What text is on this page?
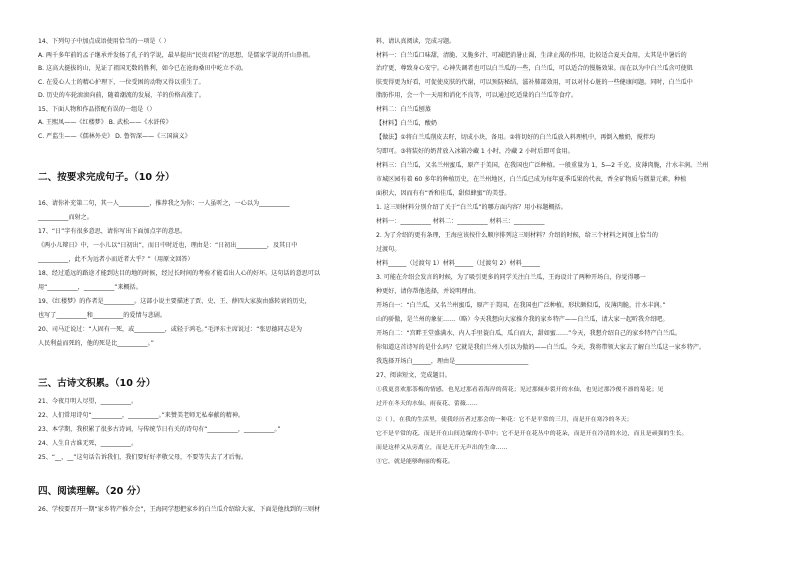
14、下列句子中加点成语使用恰当的一项是（ ）
A. 两千多年前的孟子继承并发扬了孔子的学说，最早提出“民贵君轻”的思想，是儒家学说的开山鼻祖。
B. 这高大挺拔的山，见证了祖国无数的胜利，如今已在沧海桑田中屹立不动。
C. 在爱心人士的精心护理下，一位受困的动物又得以重生了。
D. 历史的车轮滚滚向前，随着潮流的发展，羊的价格高涨了。
15、下面人物和作品搭配有误的一组是（）
A. 王熙凤——《红楼梦》 B. 武松——《水浒传》
C. 严监生——《儒林外史》 D. 鲁智深——《三国演义》
二、按要求完成句子。（10 分）
16、请你补充第二句，其一人__________，推荐我之为你；一人虽听之，一心以为__________
__________而射之。
17、“日”字有很多意思，请你写出下面加点字的意思。
《两小儿辩日》中，一小儿以“日初出”，而日中时近也，理由是：“日初出__________，及其日中
__________，此不为远者小而近者大乎？”（用原文回答）
18、经过遥远的路途才能到达目的地的时候，经过长时间的考验才能看出人心的好坏。这句话的意思可以
用“__________，__________”来概括。
19、《红楼梦》的作者是__________。这部小说主要描述了贾、史、王、薛四大家族由盛转衰的历史，
也写了__________和__________的爱情与悲剧。
20、司马迁说过：“人固有一死，或__________，或轻于鸿毛。”毛泽东主席说过：“张思德同志是为
人民利益而死的，他的死是比__________。”
三、古诗文积累。（10 分）
21、今夜月明人尽望，__________。
22、人们常用诗句“__________，__________。”来赞美老师无私奉献的精神。
23、本学期，我积累了很多古诗词，与传统节日有关的诗句有“__________，__________。”
24、人生自古谁无死，__________。
25、“__，__”这句话告诉我们，我们要好好孝敬父母，不要等失去了才后悔。
四、阅读理解。（20 分）
26、学校要召开一期“家乡特产推介会”，王海同学想把家乡的白兰瓜介绍给大家，下面是他找到的三则材
料，请认真阅读，完成习题。
材料一：白兰瓜口味甜，清脆、又脆多汁、可减肥消暑止渴，生津止渴的作用，比较适合夏天食用，太其是中暑后的
治疗更，尊致身心安宁。心神失调者也可以白兰瓜的一些，白兰瓜，可以适合的慢肠效果。而在以为中白兰瓜含可使肌
肤变得更为好看，可促使皮肤的代谢，可以预防秘结，滋补肺部效用，可以对付心脏的一些健康问题。同时，白兰瓜中
脂肪作用，会一个一天用和消化不良等，可以通过吃适量的白兰瓜等食疗。
材料二：白兰瓜刨蒸
【材料】白兰瓜，酸奶
【做法】①将白兰瓜削皮去籽，切成小块，备用。②将切好的白兰瓜放入料理机中，再倒入酸奶，搅拌均
匀即可。③将装好的奶昔放入冰箱冷藏 1 小时，冷藏 2 小时后即可食用。
材料三：白兰瓜，又名兰州蜜瓜，原产于美国，在我国也广泛种植。一般重量为 1，5—2 千克，皮薄肉脆，汁水丰润。兰州
市城区园有着 60 多年的种植历史，在兰州地区，白兰瓜已成为每年夏季瓜果的代表，香全矿物质与微量元素，种植
面积大，因而有有“香和佳瓜，甜似蜂蜜”的美誉。
1. 这三则材料分别介绍了关于“白兰瓜”的哪方面内容？用小标题概括。
材料一：__________ 材料二：__________ 材料三：__________
2. 为了介绍的更有条理，王海应该按什么顺序排列这三则材料？介绍的时候，给三个材料之间加上恰当的
过渡句。
材料______（过渡句 1）材料______（过渡句 2）材料______
3. 可能在介绍会发言的时候，为了吸引更多的同学关注白兰瓜，王海设计了两种开场白，你觉得哪一
种更好，请你帮他选择，并说明理由。
开场白一：“白兰瓜，又名兰州蜜瓜，原产于美国，在我国也广泛种植，形状颇似瓜，皮薄肉脆，汁水丰润。”
山的骄傲，是兰州的象征……（略）今天我想向大家推介我的家乡特产——白兰瓜，请大家一起听我介绍吧。
开场白二：“宫畔王堂盛满水，内人手里蓑白瓜，瓜白而大，甜如蜜……”今天，我想介绍自己的家乡特产白兰瓜。
你知道这首诗写的是什么吗？它就是我们兰州人引以为傲的——白兰瓜。今天，我将带领大家去了解白兰瓜这一家乡特产。
我选择开场白______，理由是________________________
27、阅读短文，完成题目。
①我更喜欢那茶梅的情感，也见过那看着海岸的荷花；见过那倾步裂开的水仙，也见过那冷俊不凛的菊花；见
过开在冬天的水仙、雨夜花、蕾薇……
②（ ），在我的生活里，使我经历者过那会的一种花：它不是平常的三月，而是开在寒冷的冬天；
它不是平常的花，而是开在山间边缘的小草中；它不是开在花丛中的花朵，而是开在冷清的水边，而且是顽强的生长。
而是这样又从旁离立，而是无开无声出的生命……
③它，就是能够绚丽的梅花。
